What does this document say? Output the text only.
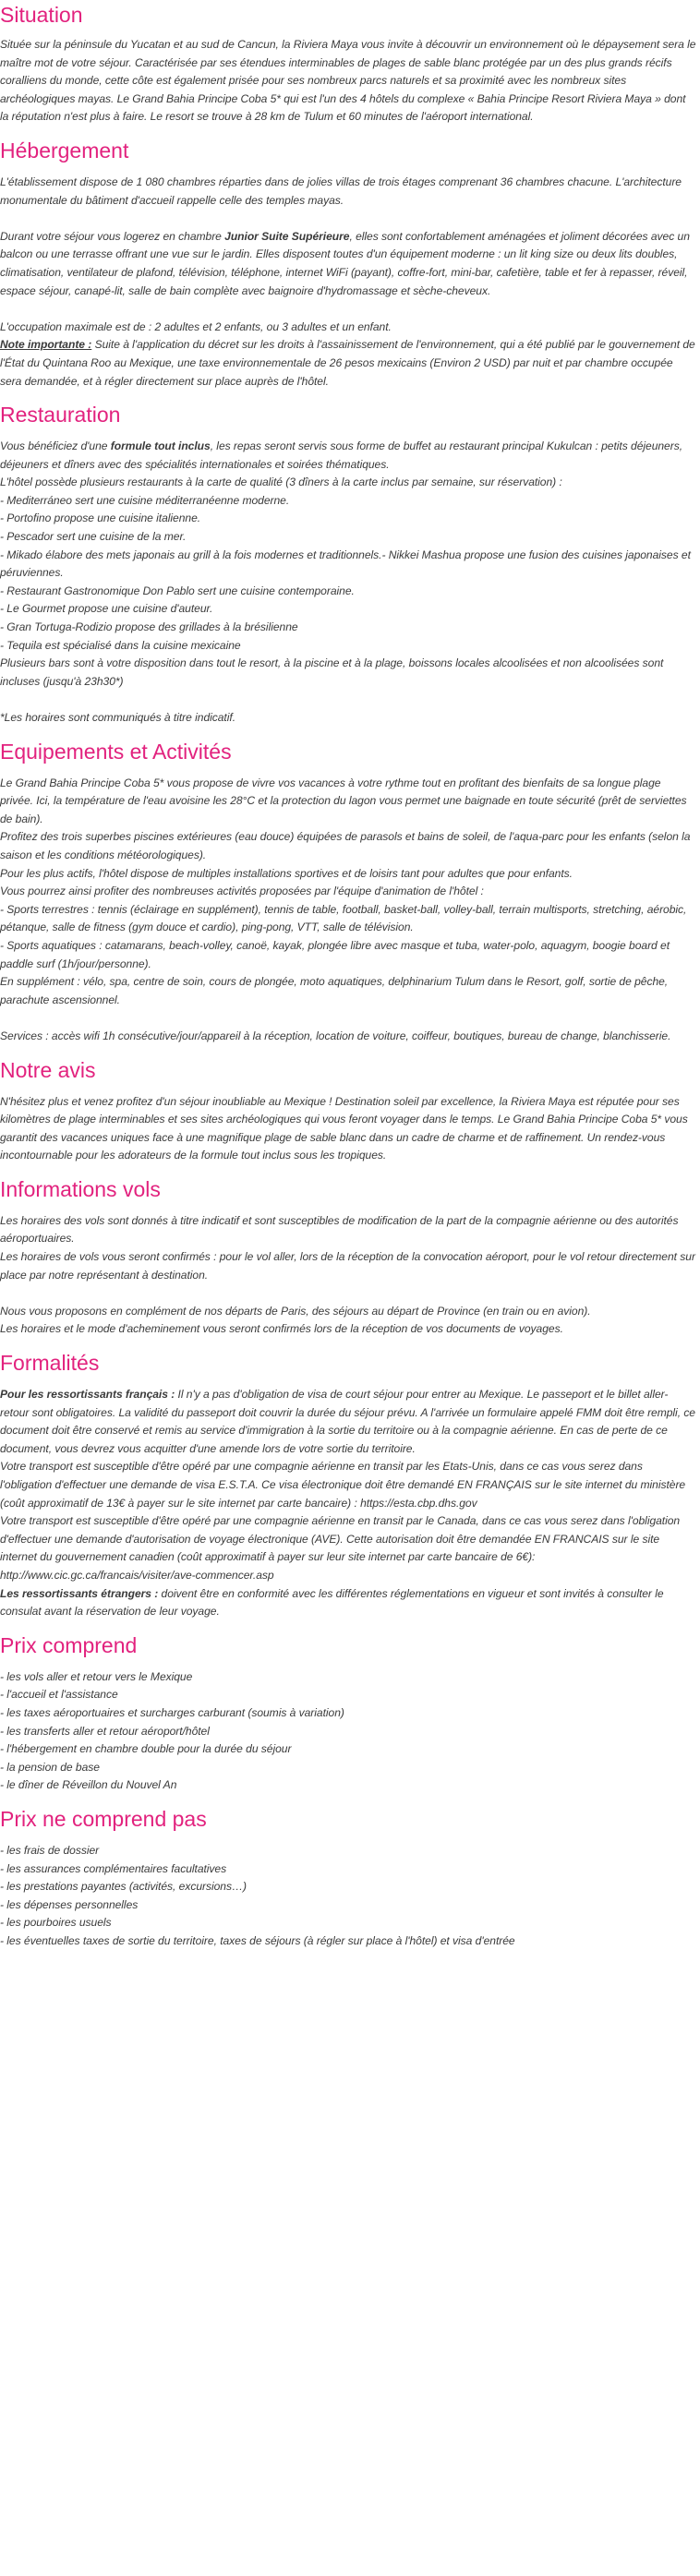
Situation

Située sur la péninsule du Yucatan et au sud de Cancun, la Riviera Maya vous invite à découvrir un environnement où le dépaysement sera le maître mot de votre séjour. Caractérisée par ses étendues interminables de plages de sable blanc protégée par un des plus grands récifs coralliens du monde, cette côte est également prisée pour ses nombreux parcs naturels et sa proximité avec les nombreux sites archéologiques mayas. Le Grand Bahia Principe Coba 5* qui est l'un des 4 hôtels du complexe « Bahia Principe Resort Riviera Maya » dont la réputation n'est plus à faire. Le resort se trouve à 28 km de Tulum et 60 minutes de l'aéroport international.

Hébergement

L'établissement dispose de 1 080 chambres réparties dans de jolies villas de trois étages comprenant 36 chambres chacune. L'architecture monumentale du bâtiment d'accueil rappelle celle des temples mayas.

Durant votre séjour vous logerez en chambre Junior Suite Supérieure, elles sont confortablement aménagées et joliment décorées avec un balcon ou une terrasse offrant une vue sur le jardin. Elles disposent toutes d'un équipement moderne : un lit king size ou deux lits doubles, climatisation, ventilateur de plafond, télévision, téléphone, internet WiFi (payant), coffre-fort, mini-bar, cafetière, table et fer à repasser, réveil, espace séjour, canapé-lit, salle de bain complète avec baignoire d'hydromassage et sèche-cheveux.

L'occupation maximale est de : 2 adultes et 2 enfants, ou 3 adultes et un enfant.

Note importante : Suite à l'application du décret sur les droits à l'assainissement de l'environnement, qui a été publié par le gouvernement de l'État du Quintana Roo au Mexique, une taxe environnementale de 26 pesos mexicains (Environ 2 USD) par nuit et par chambre occupée sera demandée, et à régler directement sur place auprès de l'hôtel.

Restauration

Vous bénéficiez d'une formule tout inclus, les repas seront servis sous forme de buffet au restaurant principal Kukulcan : petits déjeuners, déjeuners et dîners avec des spécialités internationales et soirées thématiques.

L'hôtel possède plusieurs restaurants à la carte de qualité (3 dîners à la carte inclus par semaine, sur réservation) :

- Mediterráneo sert une cuisine méditerranéenne moderne.
- Portofino propose une cuisine italienne.
- Pescador sert une cuisine de la mer.
- Mikado élabore des mets japonais au grill à la fois modernes et traditionnels.- Nikkei Mashua propose une fusion des cuisines japonaises et péruviennes.
- Restaurant Gastronomique Don Pablo sert une cuisine contemporaine.
- Le Gourmet propose une cuisine d'auteur.
- Gran Tortuga-Rodizio propose des grillades à la brésilienne
- Tequila est spécialisé dans la cuisine mexicaine

Plusieurs bars sont à votre disposition dans tout le resort, à la piscine et à la plage, boissons locales alcoolisées et non alcoolisées sont incluses (jusqu'à 23h30*)

*Les horaires sont communiqués à titre indicatif.

Equipements et Activités

Le Grand Bahia Principe Coba 5* vous propose de vivre vos vacances à votre rythme tout en profitant des bienfaits de sa longue plage privée. Ici, la température de l'eau avoisine les 28°C et la protection du lagon vous permet une baignade en toute sécurité (prêt de serviettes de bain).

Profitez des trois superbes piscines extérieures (eau douce) équipées de parasols et bains de soleil, de l'aqua-parc pour les enfants (selon la saison et les conditions météorologiques).

Pour les plus actifs, l'hôtel dispose de multiples installations sportives et de loisirs tant pour adultes que pour enfants.

Vous pourrez ainsi profiter des nombreuses activités proposées par l'équipe d'animation de l'hôtel :

- Sports terrestres : tennis (éclairage en supplément), tennis de table, football, basket-ball, volley-ball, terrain multisports, stretching, aérobic, pétanque, salle de fitness (gym douce et cardio), ping-pong, VTT, salle de télévision.

- Sports aquatiques : catamarans, beach-volley, canoë, kayak, plongée libre avec masque et tuba, water-polo, aquagym, boogie board et paddle surf (1h/jour/personne).

En supplément : vélo, spa, centre de soin, cours de plongée, moto aquatiques, delphinarium Tulum dans le Resort, golf, sortie de pêche, parachute ascensionnel.

Services : accès wifi 1h consécutive/jour/appareil à la réception, location de voiture, coiffeur, boutiques, bureau de change, blanchisserie.

Notre avis

N'hésitez plus et venez profitez d'un séjour inoubliable au Mexique ! Destination soleil par excellence, la Riviera Maya est réputée pour ses kilomètres de plage interminables et ses sites archéologiques qui vous feront voyager dans le temps. Le Grand Bahia Principe Coba 5* vous garantit des vacances uniques face à une magnifique plage de sable blanc dans un cadre de charme et de raffinement. Un rendez-vous incontournable pour les adorateurs de la formule tout inclus sous les tropiques.

Informations vols

Les horaires des vols sont donnés à titre indicatif et sont susceptibles de modification de la part de la compagnie aérienne ou des autorités aéroportuaires.

Les horaires de vols vous seront confirmés : pour le vol aller, lors de la réception de la convocation aéroport, pour le vol retour directement sur place par notre représentant à destination.

Nous vous proposons en complément de nos départs de Paris, des séjours au départ de Province (en train ou en avion).

Les horaires et le mode d'acheminement vous seront confirmés lors de la réception de vos documents de voyages.

Formalités

Pour les ressortissants français : Il n'y a pas d'obligation de visa de court séjour pour entrer au Mexique. Le passeport et le billet aller-retour sont obligatoires. La validité du passeport doit couvrir la durée du séjour prévu. A l'arrivée un formulaire appelé FMM doit être rempli, ce document doit être conservé et remis au service d'immigration à la sortie du territoire ou à la compagnie aérienne. En cas de perte de ce document, vous devrez vous acquitter d'une amende lors de votre sortie du territoire.

Votre transport est susceptible d'être opéré par une compagnie aérienne en transit par les Etats-Unis, dans ce cas vous serez dans l'obligation d'effectuer une demande de visa E.S.T.A. Ce visa électronique doit être demandé EN FRANÇAIS sur le site internet du ministère (coût approximatif de 13€ à payer sur le site internet par carte bancaire) : https://esta.cbp.dhs.gov

Votre transport est susceptible d'être opéré par une compagnie aérienne en transit par le Canada, dans ce cas vous serez dans l'obligation d'effectuer une demande d'autorisation de voyage électronique (AVE). Cette autorisation doit être demandée EN FRANCAIS sur le site internet du gouvernement canadien (coût approximatif à payer sur leur site internet par carte bancaire de 6€): http://www.cic.gc.ca/francais/visiter/ave-commencer.asp

Les ressortissants étrangers : doivent être en conformité avec les différentes réglementations en vigueur et sont invités à consulter le consulat avant la réservation de leur voyage.

Prix comprend
- les vols aller et retour vers le Mexique
- l'accueil et l'assistance
- les taxes aéroportuaires et surcharges carburant (soumis à variation)
- les transferts aller et retour aéroport/hôtel
- l'hébergement en chambre double pour la durée du séjour
- la pension de base
- le dîner de Réveillon du Nouvel An
Prix ne comprend pas
- les frais de dossier
- les assurances complémentaires facultatives
- les prestations payantes (activités, excursions…)
- les dépenses personnelles
- les pourboires usuels
- les éventuelles taxes de sortie du territoire, taxes de séjours (à régler sur place à l'hôtel) et visa d'entrée
